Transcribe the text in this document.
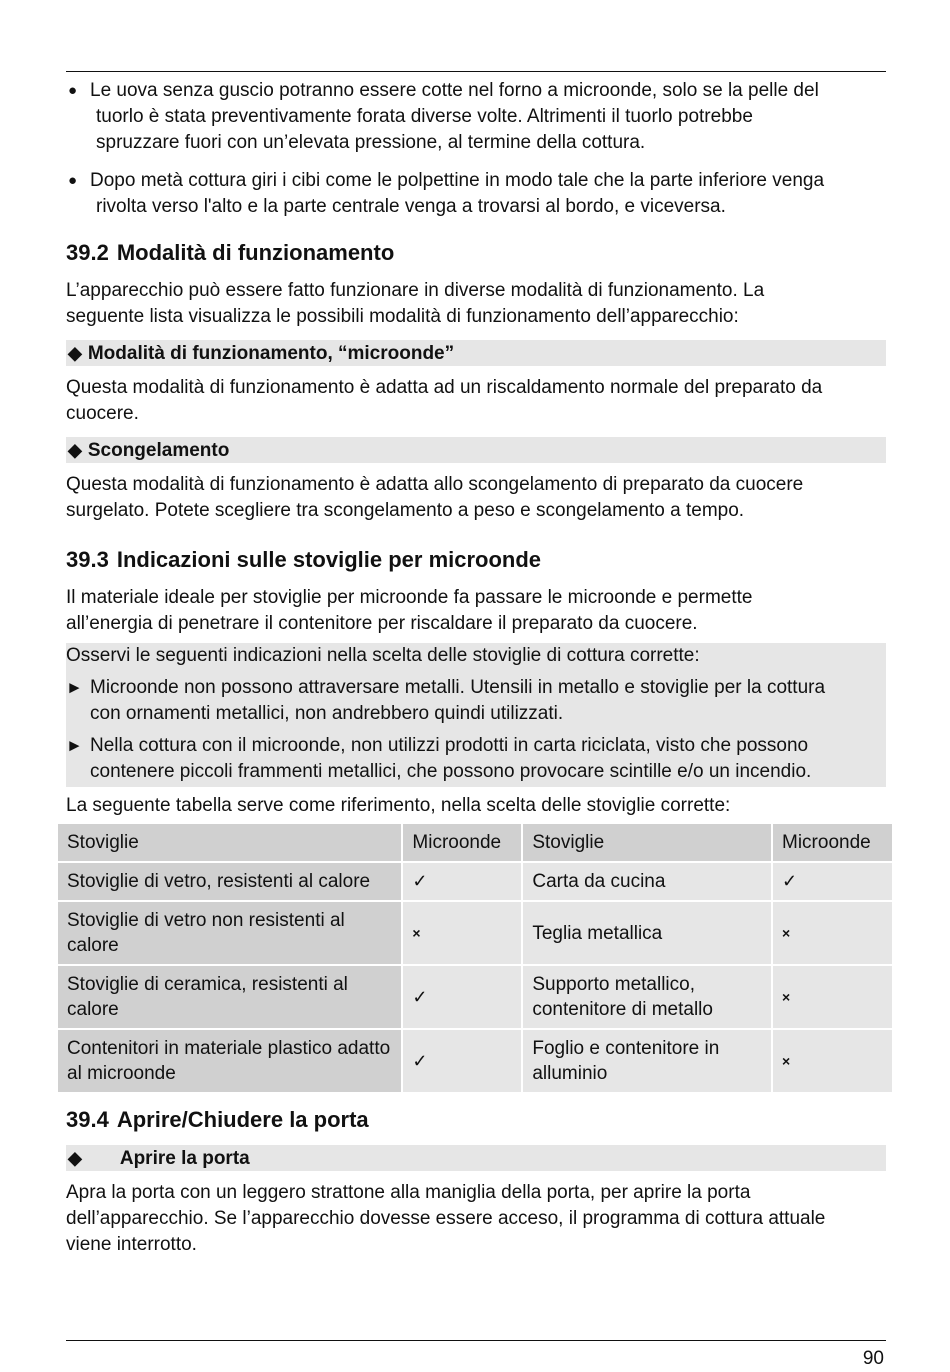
● Le uova senza guscio potranno essere cotte nel forno a microonde, solo se la pelle del
tuorlo è stata preventivamente forata diverse volte. Altrimenti il tuorlo potrebbe
spruzzare fuori con un’elevata pressione, al termine della cottura.
● Dopo metà cottura giri i cibi come le polpettine in modo tale che la parte inferiore venga
rivolta verso l'alto e la parte centrale venga a trovarsi al bordo, e viceversa.
39.2 Modalità di funzionamento

L’apparecchio può essere fatto funzionare in diverse modalità di funzionamento. La

seguente lista visualizza le possibili modalità di funzionamento dell’apparecchio:

◆ Modalità di funzionamento, “microonde”

Questa modalità di funzionamento è adatta ad un riscaldamento normale del preparato da

cuocere.

◆ Scongelamento

Questa modalità di funzionamento è adatta allo scongelamento di preparato da cuocere

surgelato. Potete scegliere tra scongelamento a peso e scongelamento a tempo.

39.3 Indicazioni sulle stoviglie per microonde

Il materiale ideale per stoviglie per microonde fa passare le microonde e permette

all’energia di penetrare il contenitore per riscaldare il preparato da cuocere.

Osservi le seguenti indicazioni nella scelta delle stoviglie di cottura corrette:

► Microonde non possono attraversare metalli. Utensili in metallo e stoviglie per la cottura

con ornamenti metallici, non andrebbero quindi utilizzati.

► Nella cottura con il microonde, non utilizzi prodotti in carta riciclata, visto che possono

contenere piccoli frammenti metallici, che possono provocare scintille e/o un incendio.

La seguente tabella serve come riferimento, nella scelta delle stoviglie corrette:

Stoviglie	Microonde	Stoviglie	Microonde
Stoviglie di vetro, resistenti al calore	✓	Carta da cucina	✓
Stoviglie di vetro non resistenti al calore	×	Teglia metallica	×
Stoviglie di ceramica, resistenti al calore	✓	Supporto metallico, contenitore di metallo	×
Contenitori in materiale plastico adatto al microonde	✓	Foglio e contenitore in alluminio	×
39.4 Aprire/Chiudere la porta
◆ Aprire la porta

Apra la porta con un leggero strattone alla maniglia della porta, per aprire la porta

dell’apparecchio. Se l’apparecchio dovesse essere acceso, il programma di cottura attuale

viene interrotto.

90
